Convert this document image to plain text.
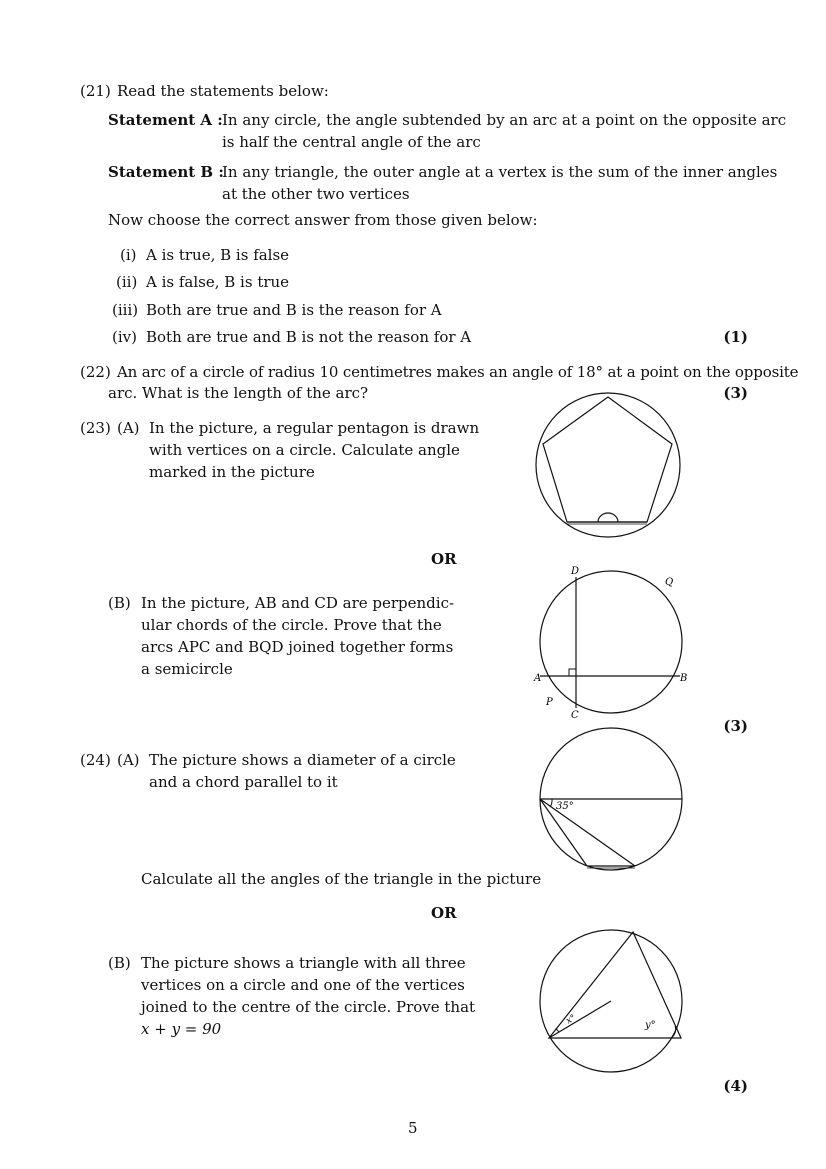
(21) Read the statements below:
Statement A : In any circle, the angle subtended by an arc at a point on the opposite arc
is half the central angle of the arc
Statement B :
In any triangle, the outer angle at a vertex is the sum of the inner angles
at the other two vertices
Now choose the correct answer from those given below:
(i) A is true, B is false
(ii) A is false, B is true
(iii) Both are true and B is the reason for A
(iv) Both are true and B is not the reason for A	(1)
(22) An arc of a circle of radius 10 centimetres makes an angle of 18° at a point on the opposite
arc. What is the length of the arc?	(3)
(23) (A) In the picture, a regular pentagon is drawn
with vertices on a circle. Calculate angle
marked in the picture
OR
(B) In the picture, AB and CD are perpendic-
ular chords of the circle. Prove that the
arcs APC and BQD joined together forms
a semicircle
D
Q
A	B
P
C
(3)
(24) (A) The picture shows a diameter of a circle
and a chord parallel to it
35°
Calculate all the angles of the triangle in the picture
OR
(B) The picture shows a triangle with all three
vertices on a circle and one of the vertices
joined to the centre of the circle. Prove that
x + y = 90
x°	y°
(4)
5
